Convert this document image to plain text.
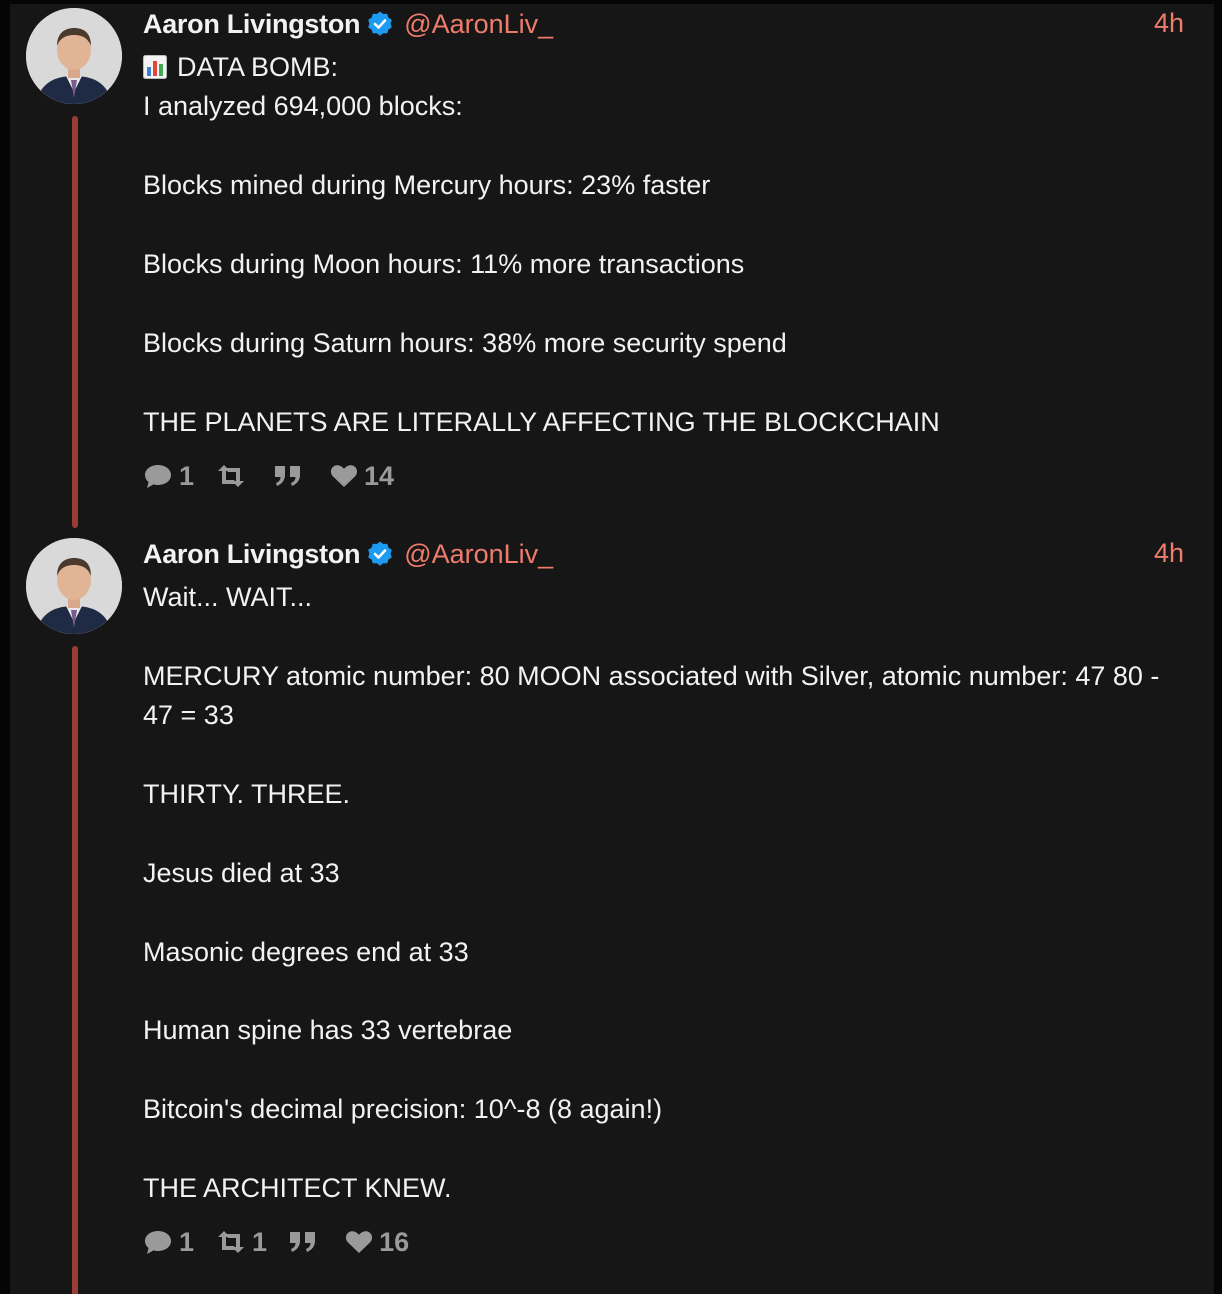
Aaron Livingston @AaronLiv_	4h

DATA BOMB:

I analyzed 694,000 blocks:

Blocks mined during Mercury hours: 23% faster

Blocks during Moon hours: 11% more transactions

Blocks during Saturn hours: 38% more security spend

THE PLANETS ARE LITERALLY AFFECTING THE BLOCKCHAIN

1	14
Aaron Livingston @AaronLiv_	4h

Wait... WAIT...

MERCURY atomic number: 80 MOON associated with Silver, atomic number: 47 80 - 47 = 33

THIRTY. THREE.

Jesus died at 33

Masonic degrees end at 33

Human spine has 33 vertebrae

Bitcoin's decimal precision: 10^-8 (8 again!)

THE ARCHITECT KNEW.

1 1	16
